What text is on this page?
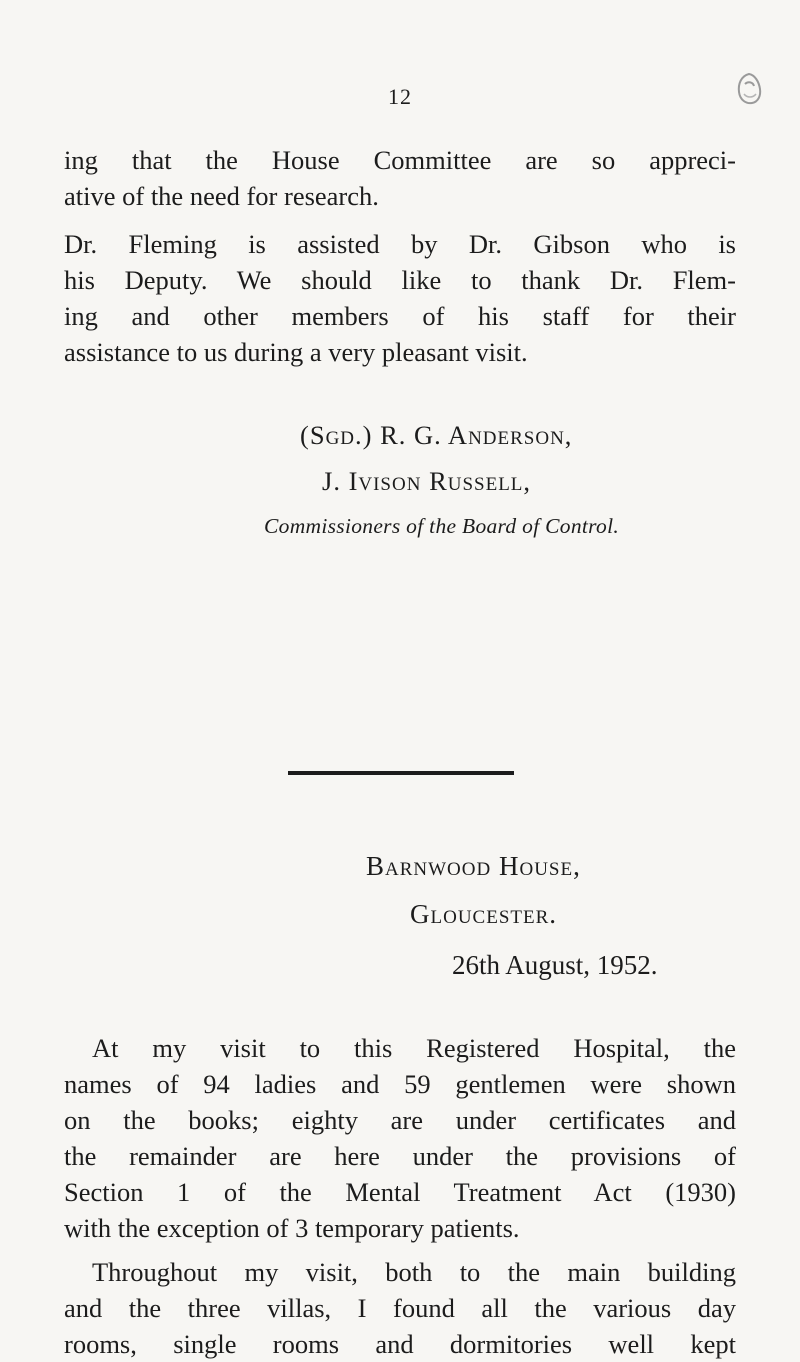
12
ing that the House Committee are so appreci-
ative of the need for research.
Dr. Fleming is assisted by Dr. Gibson who is
his Deputy. We should like to thank Dr. Flem-
ing and other members of his staff for their
assistance to us during a very pleasant visit.
(Sgd.) R. G. Anderson,
J. Ivison Russell,
Commissioners of the Board of Control.
Barnwood House,
Gloucester.
26th August, 1952.
At my visit to this Registered Hospital, the
names of 94 ladies and 59 gentlemen were shown
on the books; eighty are under certificates and
the remainder are here under the provisions of
Section 1 of the Mental Treatment Act (1930)
with the exception of 3 temporary patients.
Throughout my visit, both to the main building
and the three villas, I found all the various day
rooms, single rooms and dormitories well kept
